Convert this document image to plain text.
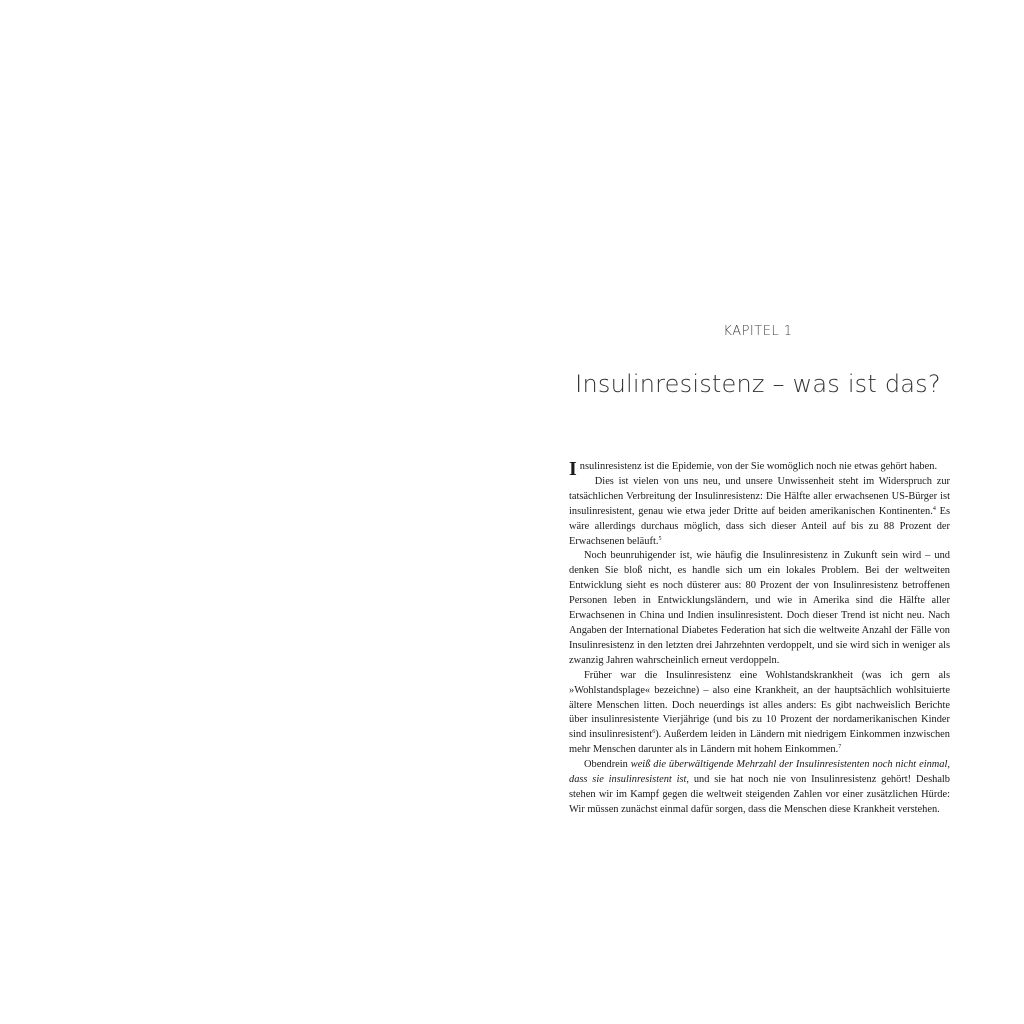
KAPITEL 1
Insulinresistenz – was ist das?

Insulinresistenz ist die Epidemie, von der Sie womöglich noch nie etwas gehört haben.

Dies ist vielen von uns neu, und unsere Unwissenheit steht im Widerspruch zur tatsächlichen Verbreitung der Insulinresistenz: Die Hälfte aller erwachsenen US-Bürger ist insulinresistent, genau wie etwa jeder Dritte auf beiden amerikanischen Kontinenten.$^4$ Es wäre allerdings durchaus möglich, dass sich dieser Anteil auf bis zu 88 Prozent der Erwachsenen beläuft.$^5$

Noch beunruhigender ist, wie häufig die Insulinresistenz in Zukunft sein wird – und denken Sie bloß nicht, es handle sich um ein lokales Problem. Bei der weltweiten Entwicklung sieht es noch düsterer aus: 80 Prozent der von Insulinresistenz betroffenen Personen leben in Entwicklungsländern, und wie in Amerika sind die Hälfte aller Erwachsenen in China und Indien insulinresistent. Doch dieser Trend ist nicht neu. Nach Angaben der International Diabetes Federation hat sich die weltweite Anzahl der Fälle von Insulinresistenz in den letzten drei Jahrzehnten verdoppelt, und sie wird sich in weniger als zwanzig Jahren wahrscheinlich erneut verdoppeln.

Früher war die Insulinresistenz eine Wohlstandskrankheit (was ich gern als »Wohlstandsplage« bezeichne) – also eine Krankheit, an der hauptsächlich wohlsituierte ältere Menschen litten. Doch neuerdings ist alles anders: Es gibt nachweislich Berichte über insulinresistente Vierjährige (und bis zu 10 Prozent der nordamerikanischen Kinder sind insulinresistent$^6$). Außerdem leiden in Ländern mit niedrigem Einkommen inzwischen mehr Menschen darunter als in Ländern mit hohem Einkommen.$^7$

Obendrein weiß die überwältigende Mehrzahl der Insulinresistenten noch nicht einmal, dass sie insulinresistent ist, und sie hat noch nie von Insulinresistenz gehört! Deshalb stehen wir im Kampf gegen die weltweit steigenden Zahlen vor einer zusätzlichen Hürde: Wir müssen zunächst einmal dafür sorgen, dass die Menschen diese Krankheit verstehen.
